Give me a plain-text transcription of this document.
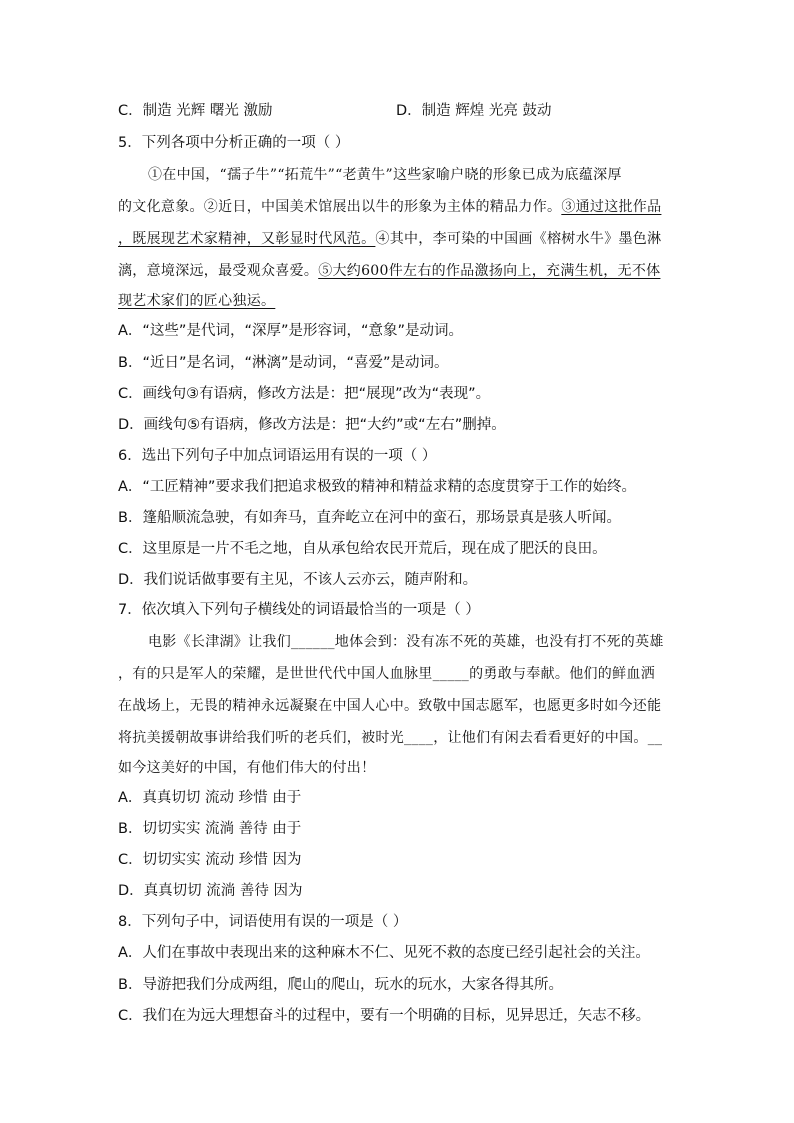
C．制造 光辉 曙光 激励	D．制造 辉煌 光亮 鼓动
5．下列各项中分析正确的一项（ ）
①在中国，“孺子牛”“拓荒牛”“老黄牛”这些家喻户晓的形象已成为底蕴深厚
的文化意象。②近日，中国美术馆展出以牛的形象为主体的精品力作。③通过这批作品
，既展现艺术家精神，又彰显时代风范。④其中，李可染的中国画《榕树水牛》墨色淋
漓，意境深远，最受观众喜爱。⑤大约600件左右的作品激扬向上，充满生机，无不体
现艺术家们的匠心独运。
A．“这些”是代词，“深厚”是形容词，“意象”是动词。
B．“近日”是名词，“淋漓”是动词，“喜爱”是动词。
C．画线句③有语病，修改方法是：把“展现”改为“表现”。
D．画线句⑤有语病，修改方法是：把“大约”或“左右”删掉。
6．选出下列句子中加点词语运用有误的一项（ ）
A．“工匠精神”要求我们把追求极致的精神和精益求精的态度贯穿于工作的始终。
B．篷船顺流急驶，有如奔马，直奔屹立在河中的蛮石，那场景真是骇人听闻。
C．这里原是一片不毛之地，自从承包给农民开荒后，现在成了肥沃的良田。
D．我们说话做事要有主见，不该人云亦云，随声附和。
7．依次填入下列句子横线处的词语最恰当的一项是（ ）
电影《长津湖》让我们______地体会到：没有冻不死的英雄，也没有打不死的英雄
，有的只是军人的荣耀，是世世代代中国人血脉里_____的勇敢与奉献。他们的鲜血洒
在战场上，无畏的精神永远凝聚在中国人心中。致敬中国志愿军，也愿更多时如今还能
将抗美援朝故事讲给我们听的老兵们，被时光____，让他们有闲去看看更好的中国。__
如今这美好的中国，有他们伟大的付出！
A．真真切切 流动 珍惜 由于
B．切切实实 流淌 善待 由于
C．切切实实 流动 珍惜 因为
D．真真切切 流淌 善待 因为
8．下列句子中，词语使用有误的一项是（ ）
A．人们在事故中表现出来的这种麻木不仁、见死不救的态度已经引起社会的关注。
B．导游把我们分成两组，爬山的爬山，玩水的玩水，大家各得其所。
C．我们在为远大理想奋斗的过程中，要有一个明确的目标，见异思迁，矢志不移。
